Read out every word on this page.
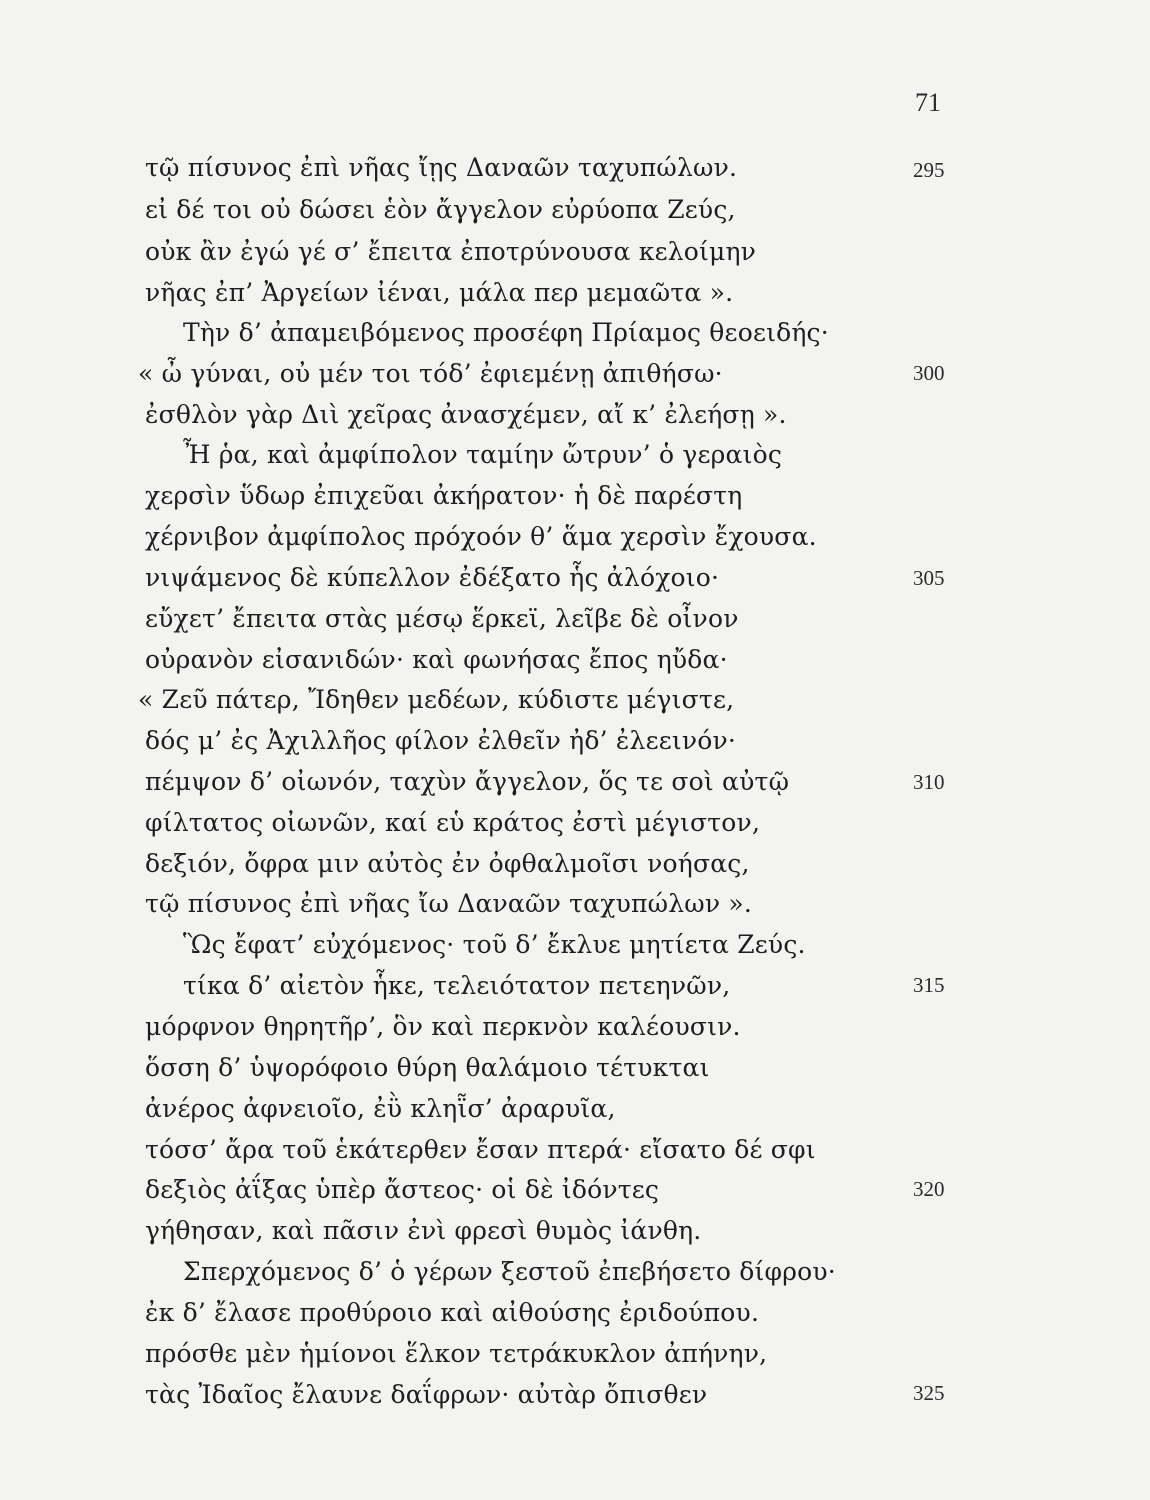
71
τῷ πίσυνος ἐπὶ νῆας ἴῃς Δαναῶν ταχυπώλων.
εἰ δέ τοι οὐ δώσει ἑὸν ἄγγελον εὐρύοπα Ζεύς,
οὐκ ἂν ἐγώ γέ σ’ ἔπειτα ἐποτρύνουσα κελοίμην
νῆας ἐπ’ Ἀργείων ἰέναι, μάλα περ μεμαῶτα ».
Τὴν δ’ ἀπαμειβόμενος προσέφη Πρίαμος θεοειδής·
« ὦ γύναι, οὐ μέν τοι τόδ’ ἐφιεμένῃ ἀπιθήσω·
ἐσθλὸν γὰρ Διὶ χεῖρας ἀνασχέμεν, αἴ κ’ ἐλεήσῃ ».
Ἦ ῥα, καὶ ἀμφίπολον ταμίην ὤτρυν’ ὁ γεραιὸς
χερσὶν ὕδωρ ἐπιχεῦαι ἀκήρατον· ἡ δὲ παρέστη
χέρνιβον ἀμφίπολος πρόχοόν θ’ ἅμα χερσὶν ἔχουσα.
νιψάμενος δὲ κύπελλον ἐδέξατο ἧς ἀλόχοιο·
εὔχετ’ ἔπειτα στὰς μέσῳ ἕρκεϊ, λεῖβε δὲ οἶνον
οὐρανὸν εἰσανιδών· καὶ φωνήσας ἔπος ηὔδα·
« Ζεῦ πάτερ, Ἴδηθεν μεδέων, κύδιστε μέγιστε,
δός μ’ ἐς Ἀχιλλῆος φίλον ἐλθεῖν ἠδ’ ἐλεεινόν·
πέμψον δ’ οἰωνόν, ταχὺν ἄγγελον, ὅς τε σοὶ αὐτῷ
φίλτατος οἰωνῶν, καί εὑ κράτος ἐστὶ μέγιστον,
δεξιόν, ὄφρα μιν αὐτὸς ἐν ὀφθαλμοῖσι νοήσας,
τῷ πίσυνος ἐπὶ νῆας ἴω Δαναῶν ταχυπώλων ».
Ὣς ἔφατ’ εὐχόμενος· τοῦ δ’ ἔκλυε μητίετα Ζεύς.
τίκα δ’ αἰετὸν ἧκε, τελειότατον πετεηνῶν,
μόρφνον θηρητῆρ’, ὃν καὶ περκνὸν καλέουσιν.
ὅσση δ’ ὑψορόφοιο θύρη θαλάμοιο τέτυκται
ἀνέρος ἀφνειοῖο, ἐῢ κληῗσ’ ἀραρυῖα,
τόσσ’ ἄρα τοῦ ἑκάτερθεν ἔσαν πτερά· εἴσατο δέ σφι
δεξιὸς ἀΐξας ὑπὲρ ἄστεος· οἱ δὲ ἰδόντες
γήθησαν, καὶ πᾶσιν ἐνὶ φρεσὶ θυμὸς ἰάνθη.
Σπερχόμενος δ’ ὁ γέρων ξεστοῦ ἐπεβήσετο δίφρου·
ἐκ δ’ ἔλασε προθύροιο καὶ αἰθούσης ἐριδούπου.
πρόσθε μὲν ἡμίονοι ἕλκον τετράκυκλον ἀπήνην,
τὰς Ἰδαῖος ἔλαυνε δαΐφρων· αὐτὰρ ὄπισθεν
295
300
305
310
315
320
325
